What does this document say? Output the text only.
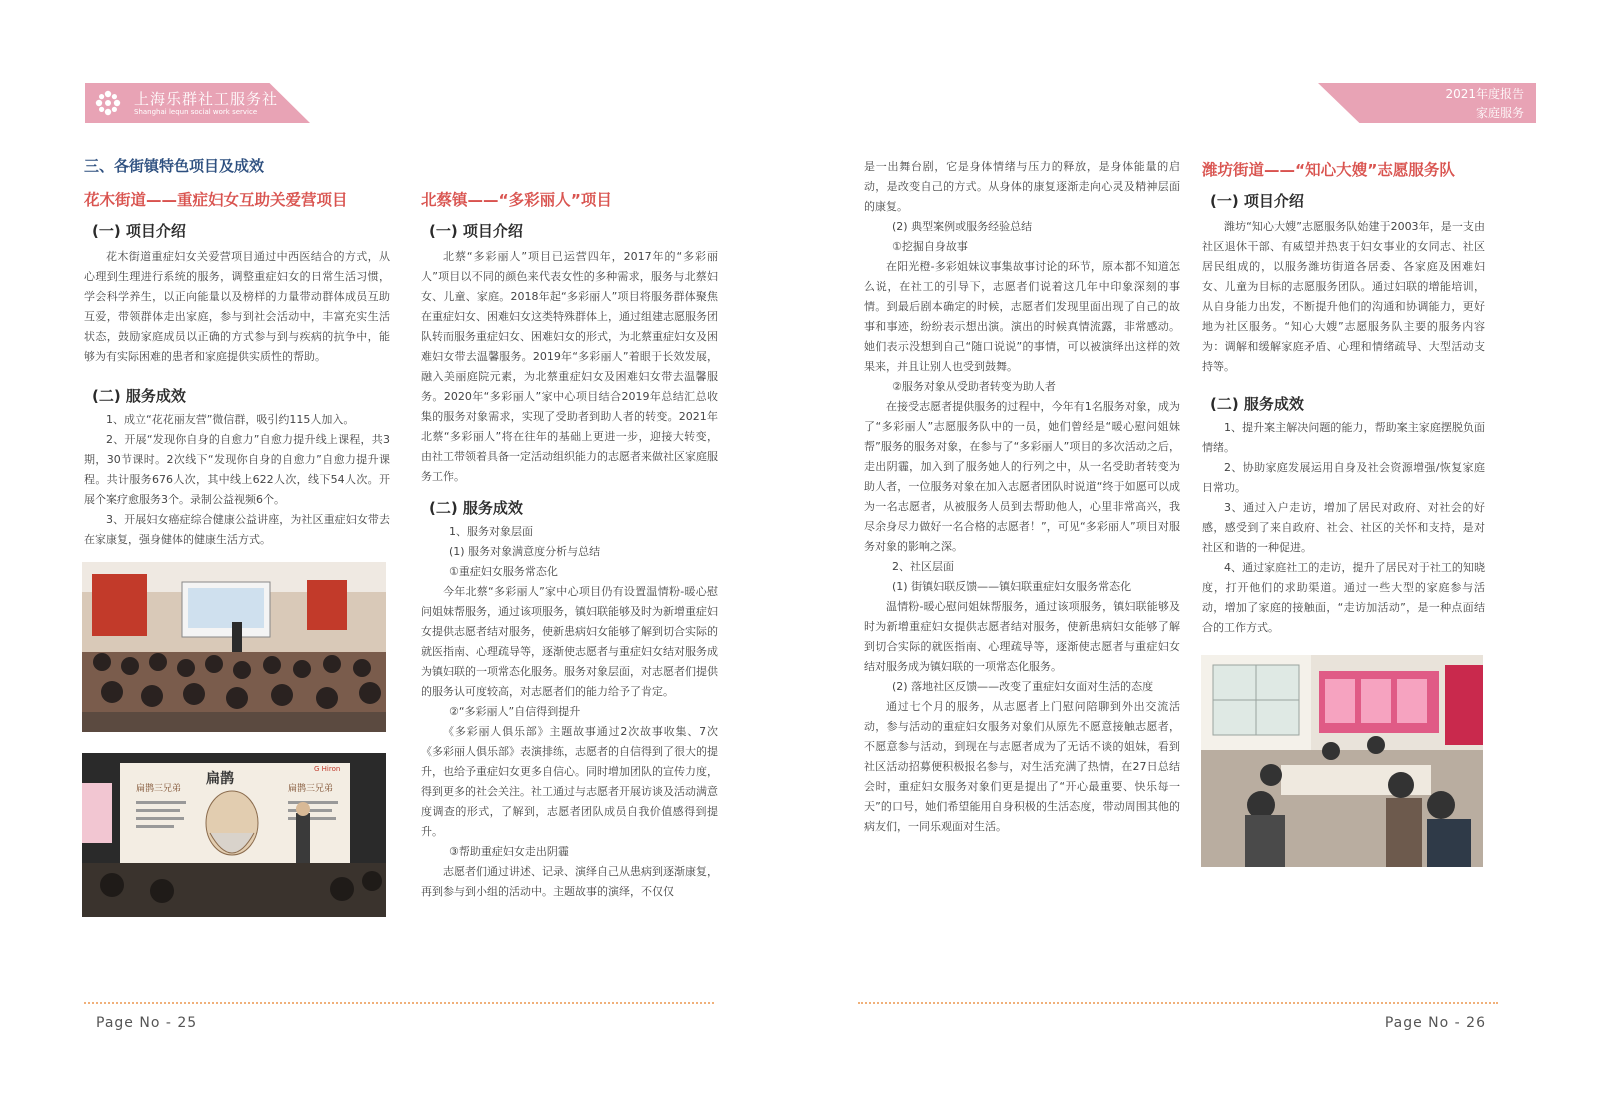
上海乐群社工服务社
Shanghai lequn social work service
2021年度报告
家庭服务
三、各街镇特色项目及成效
花木街道——重症妇女互助关爱营项目
(一) 项目介绍
花木街道重症妇女关爱营项目通过中西医结合的方式，从心理到生理进行系统的服务，调整重症妇女的日常生活习惯，学会科学养生，以正向能量以及榜样的力量带动群体成员互助互爱，带领群体走出家庭，参与到社会活动中，丰富充实生活状态，鼓励家庭成员以正确的方式参与到与疾病的抗争中，能够为有实际困难的患者和家庭提供实质性的帮助。
(二) 服务成效
1、成立“花花丽友营”微信群，吸引约115人加入。
2、开展“发现你自身的自愈力”自愈力提升线上课程，共3期，30节课时。2次线下“发现你自身的自愈力”自愈力提升课程。共计服务676人次，其中线上622人次，线下54人次。开展个案疗愈服务3个。录制公益视频6个。
3、开展妇女癌症综合健康公益讲座，为社区重症妇女带去在家康复，强身健体的健康生活方式。
扁鹊三兄弟
扁鹊
扁鹊三兄弟
G Hiron
北蔡镇——“多彩丽人”项目
(一) 项目介绍
北蔡“多彩丽人”项目已运营四年，2017年的“多彩丽人”项目以不同的颜色来代表女性的多种需求，服务与北蔡妇女、儿童、家庭。2018年起“多彩丽人”项目将服务群体聚焦在重症妇女、困难妇女这类特殊群体上，通过组建志愿服务团队转而服务重症妇女、困难妇女的形式，为北蔡重症妇女及困难妇女带去温馨服务。2019年“多彩丽人”着眼于长效发展，融入美丽庭院元素，为北蔡重症妇女及困难妇女带去温馨服务。2020年“多彩丽人”家中心项目结合2019年总结汇总收集的服务对象需求，实现了受助者到助人者的转变。2021年北蔡“多彩丽人”将在往年的基础上更进一步，迎接大转变，由社工带领着具备一定活动组织能力的志愿者来做社区家庭服务工作。
(二) 服务成效
1、服务对象层面
(1) 服务对象满意度分析与总结
①重症妇女服务常态化
今年北蔡“多彩丽人”家中心项目仍有设置温情粉-暖心慰问姐妹帮服务，通过该项服务，镇妇联能够及时为新增重症妇女提供志愿者结对服务，使新患病妇女能够了解到切合实际的就医指南、心理疏导等，逐渐使志愿者与重症妇女结对服务成为镇妇联的一项常态化服务。服务对象层面，对志愿者们提供的服务认可度较高，对志愿者们的能力给予了肯定。
②“多彩丽人”自信得到提升
《多彩丽人俱乐部》主题故事通过2次故事收集、7次《多彩丽人俱乐部》表演排练，志愿者的自信得到了很大的提升，也给予重症妇女更多自信心。同时增加团队的宣传力度，得到更多的社会关注。社工通过与志愿者开展访谈及活动满意度调查的形式，了解到，志愿者团队成员自我价值感得到提升。
③帮助重症妇女走出阴霾
志愿者们通过讲述、记录、演绎自己从患病到逐渐康复，再到参与到小组的活动中。主题故事的演绎，不仅仅
是一出舞台剧，它是身体情绪与压力的释放，是身体能量的启动，是改变自己的方式。从身体的康复逐渐走向心灵及精神层面的康复。
(2) 典型案例或服务经验总结
①挖掘自身故事
在阳光橙-多彩姐妹议事集故事讨论的环节，原本都不知道怎么说，在社工的引导下，志愿者们说着这几年中印象深刻的事情。到最后剧本确定的时候，志愿者们发现里面出现了自己的故事和事迹，纷纷表示想出演。演出的时候真情流露，非常感动。她们表示没想到自己“随口说说”的事情，可以被演绎出这样的效果来，并且让别人也受到鼓舞。
②服务对象从受助者转变为助人者
在接受志愿者提供服务的过程中，今年有1名服务对象，成为了“多彩丽人”志愿服务队中的一员，她们曾经是“暖心慰问姐妹帮”服务的服务对象，在参与了“多彩丽人”项目的多次活动之后，走出阴霾，加入到了服务她人的行列之中，从一名受助者转变为助人者，一位服务对象在加入志愿者团队时说道“终于如愿可以成为一名志愿者，从被服务人员到去帮助他人，心里非常高兴，我尽余身尽力做好一名合格的志愿者！”，可见“多彩丽人”项目对服务对象的影响之深。
2、社区层面
(1) 街镇妇联反馈——镇妇联重症妇女服务常态化
温情粉-暖心慰问姐妹帮服务，通过该项服务，镇妇联能够及时为新增重症妇女提供志愿者结对服务，使新患病妇女能够了解到切合实际的就医指南、心理疏导等，逐渐使志愿者与重症妇女结对服务成为镇妇联的一项常态化服务。
(2) 落地社区反馈——改变了重症妇女面对生活的态度
通过七个月的服务，从志愿者上门慰问陪聊到外出交流活动，参与活动的重症妇女服务对象们从原先不愿意接触志愿者，不愿意参与活动，到现在与志愿者成为了无话不谈的姐妹，看到社区活动招募便积极报名参与，对生活充满了热情，在27日总结会时，重症妇女服务对象们更是提出了“开心最重要、快乐每一天”的口号，她们希望能用自身积极的生活态度，带动周围其他的病友们，一同乐观面对生活。
潍坊街道——“知心大嫂”志愿服务队
(一) 项目介绍
潍坊“知心大嫂”志愿服务队始建于2003年，是一支由社区退休干部、有威望并热衷于妇女事业的女同志、社区居民组成的，以服务潍坊街道各居委、各家庭及困难妇女、儿童为目标的志愿服务团队。通过妇联的增能培训，从自身能力出发，不断提升他们的沟通和协调能力，更好地为社区服务。“知心大嫂”志愿服务队主要的服务内容为：调解和缓解家庭矛盾、心理和情绪疏导、大型活动支持等。
(二) 服务成效
1、提升案主解决问题的能力，帮助案主家庭摆脱负面情绪。
2、协助家庭发展运用自身及社会资源增强/恢复家庭日常功。
3、通过入户走访，增加了居民对政府、对社会的好感，感受到了来自政府、社会、社区的关怀和支持，是对社区和谐的一种促进。
4、通过家庭社工的走访，提升了居民对于社工的知晓度，打开他们的求助渠道。通过一些大型的家庭参与活动，增加了家庭的接触面，“走访加活动”，是一种点面结合的工作方式。
Page No - 25	Page No - 26
